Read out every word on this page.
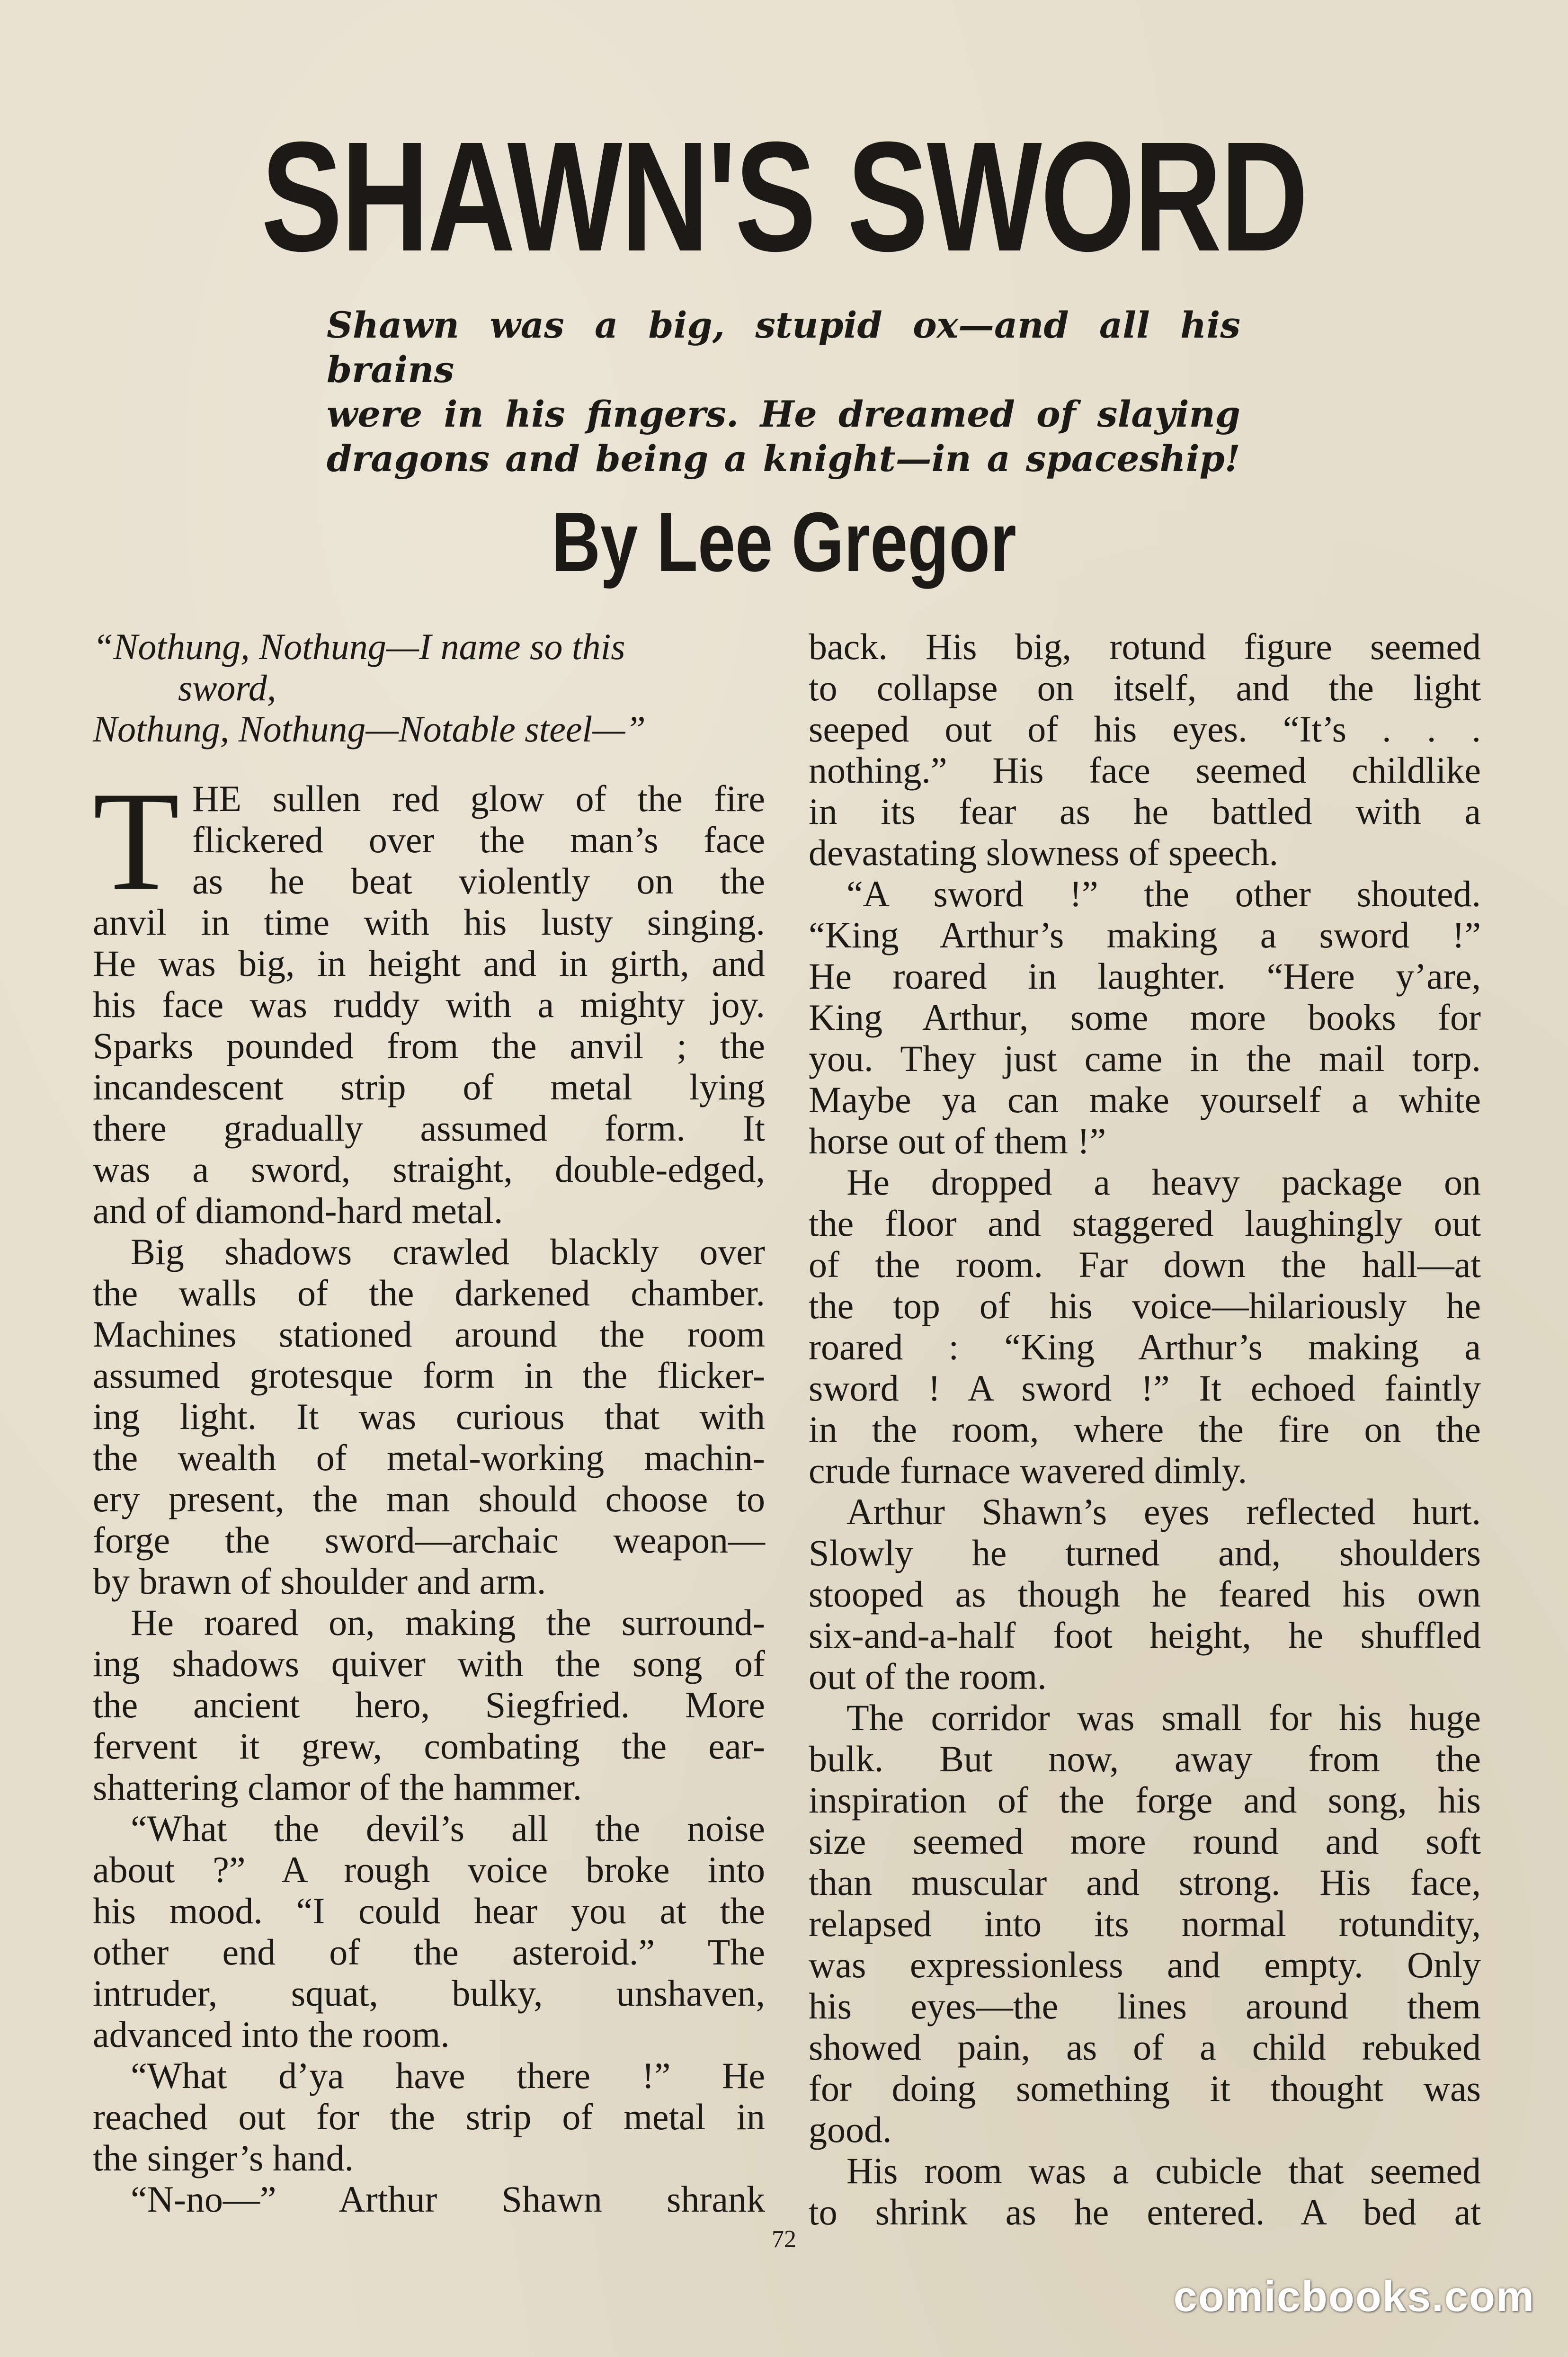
SHAWN'S SWORD
Shawn was a big, stupid ox—and all his brains
were in his fingers. He dreamed of slaying
dragons and being a knight—in a spaceship!
By Lee Gregor
“Nothung, Nothung—I name so this
sword,
Nothung, Nothung—Notable steel—”
T HE sullen red glow of the fire
flickered over the man’s face
as he beat violently on the
anvil in time with his lusty singing.
He was big, in height and in girth, and
his face was ruddy with a mighty joy.
Sparks pounded from the anvil ; the
incandescent strip of metal lying
there gradually assumed form. It
was a sword, straight, double-edged,
and of diamond-hard metal.
Big shadows crawled blackly over
the walls of the darkened chamber.
Machines stationed around the room
assumed grotesque form in the flicker-
ing light. It was curious that with
the wealth of metal-working machin-
ery present, the man should choose to
forge the sword—archaic weapon—
by brawn of shoulder and arm.
He roared on, making the surround-
ing shadows quiver with the song of
the ancient hero, Siegfried. More
fervent it grew, combating the ear-
shattering clamor of the hammer.
“What the devil’s all the noise
about ?” A rough voice broke into
his mood. “I could hear you at the
other end of the asteroid.” The
intruder, squat, bulky, unshaven,
advanced into the room.
“What d’ya have there !” He
reached out for the strip of metal in
the singer’s hand.
“N-no—” Arthur Shawn shrank
back. His big, rotund figure seemed
to collapse on itself, and the light
seeped out of his eyes. “It’s . . .
nothing.” His face seemed childlike
in its fear as he battled with a
devastating slowness of speech.
“A sword !” the other shouted.
“King Arthur’s making a sword !”
He roared in laughter. “Here y’are,
King Arthur, some more books for
you. They just came in the mail torp.
Maybe ya can make yourself a white
horse out of them !”
He dropped a heavy package on
the floor and staggered laughingly out
of the room. Far down the hall—at
the top of his voice—hilariously he
roared : “King Arthur’s making a
sword ! A sword !” It echoed faintly
in the room, where the fire on the
crude furnace wavered dimly.
Arthur Shawn’s eyes reflected hurt.
Slowly he turned and, shoulders
stooped as though he feared his own
six-and-a-half foot height, he shuffled
out of the room.
The corridor was small for his huge
bulk. But now, away from the
inspiration of the forge and song, his
size seemed more round and soft
than muscular and strong. His face,
relapsed into its normal rotundity,
was expressionless and empty. Only
his eyes—the lines around them
showed pain, as of a child rebuked
for doing something it thought was
good.
His room was a cubicle that seemed
to shrink as he entered. A bed at
72
comicbooks.com
